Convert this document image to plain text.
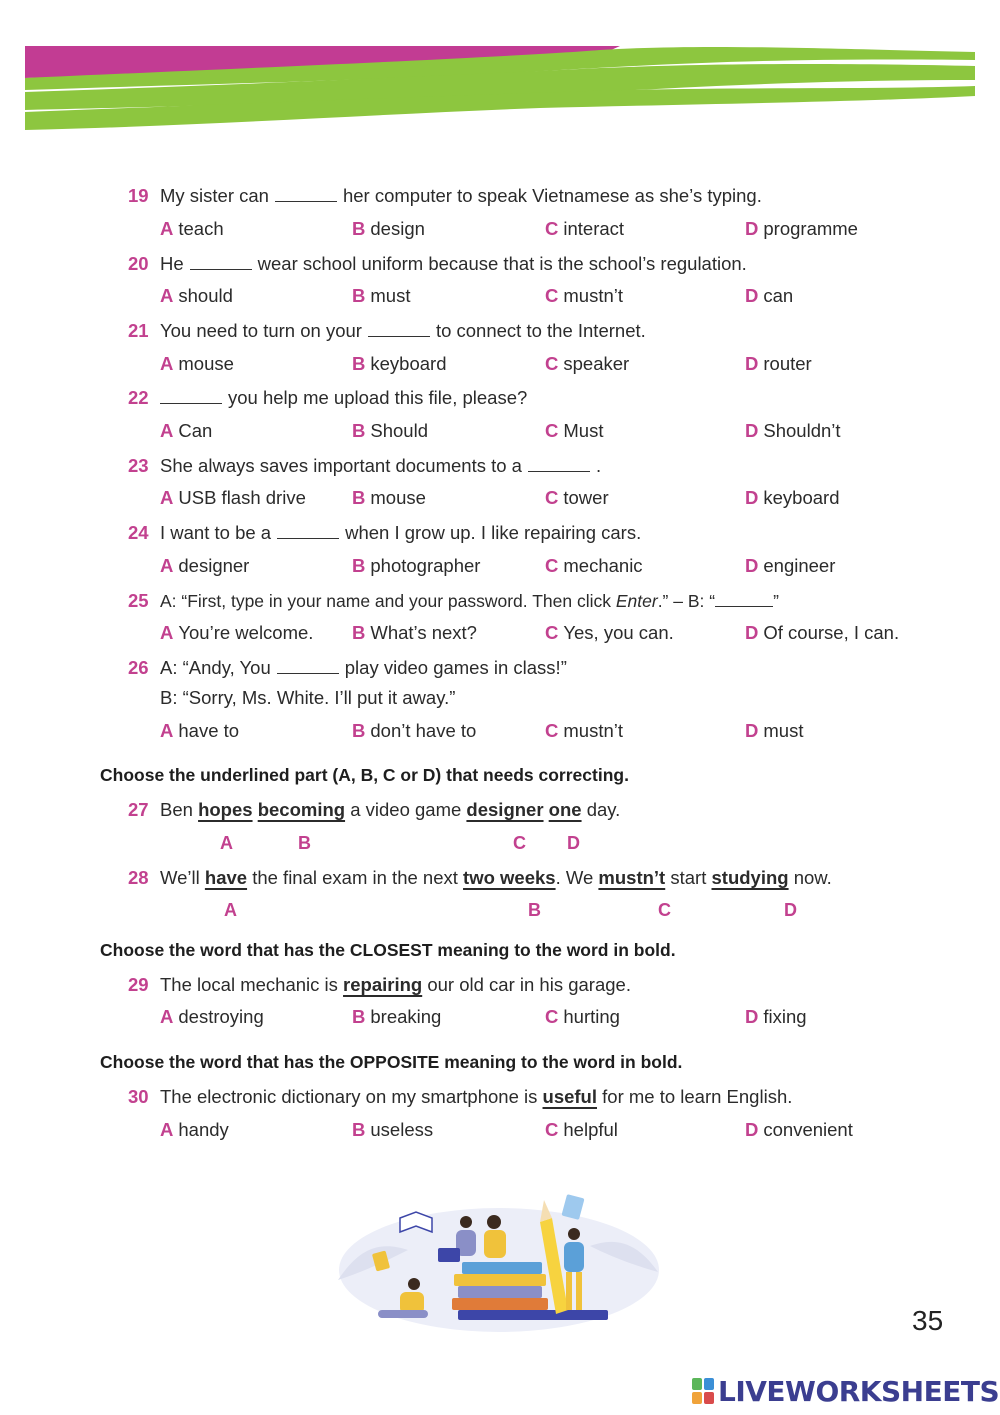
19 My sister can	her computer to speak Vietnamese as she’s typing.
A teach	B design	C interact	D programme
20 He	wear school uniform because that is the school’s regulation.
A should	B must	C mustn’t	D can
21 You need to turn on your	to connect to the Internet.
A mouse	B keyboard	C speaker	D router
22	you help me upload this file, please?
A Can	B Should	C Must	D Shouldn’t
23 She always saves important documents to a	.
A USB flash drive B mouse	C tower	D keyboard
24 I want to be a	when I grow up. I like repairing cars.
A designer	B photographer	C mechanic	D engineer
25 A: “First, type in your name and your password. Then click Enter.” – B: “	”
A You’re welcome. B What’s next?	C Yes, you can.	D Of course, I can.
26 A: “Andy, You	play video games in class!”
B: “Sorry, Ms. White. I’ll put it away.”
A have to	B don’t have to	C mustn’t	D must
Choose the underlined part (A, B, C or D) that needs correcting.
27 Ben hopes becoming a video game designer one day.
A	B	C D
28 We’ll have the final exam in the next two weeks. We mustn’t start studying now.
A	B	C	D
Choose the word that has the CLOSEST meaning to the word in bold.
29 The local mechanic is repairing our old car in his garage.
A destroying	B breaking	C hurting	D fixing
Choose the word that has the OPPOSITE meaning to the word in bold.
30 The electronic dictionary on my smartphone is useful for me to learn English.
A handy	B useless	C helpful	D convenient
35
LIVEWORKSHEETS
